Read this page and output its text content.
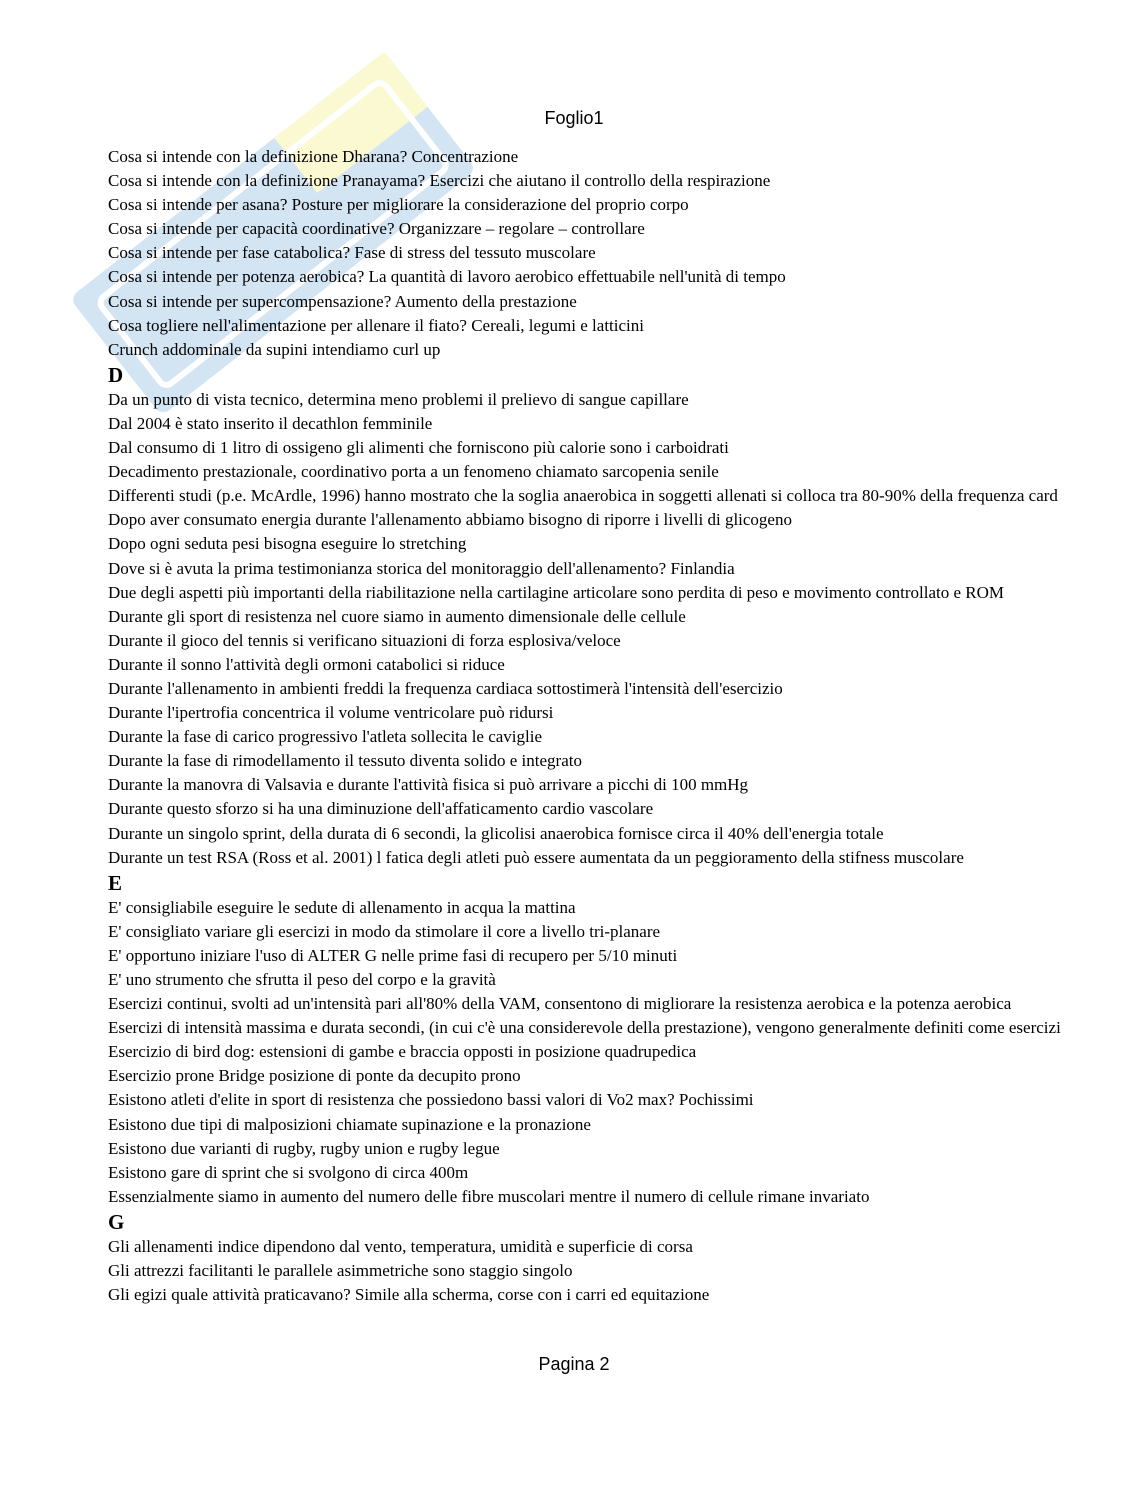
Foglio1
Cosa si intende con la definizione Dharana? Concentrazione
Cosa si intende con la definizione Pranayama? Esercizi che aiutano il controllo della respirazione
Cosa si intende per asana? Posture per migliorare la considerazione del proprio corpo
Cosa si intende per capacità coordinative? Organizzare – regolare – controllare
Cosa si intende per fase catabolica? Fase di stress del tessuto muscolare
Cosa si intende per potenza aerobica? La quantità di lavoro aerobico effettuabile nell'unità di tempo
Cosa si intende per supercompensazione? Aumento della prestazione
Cosa togliere nell'alimentazione per allenare il fiato? Cereali, legumi e latticini
Crunch addominale da supini intendiamo curl up
D
Da un punto di vista tecnico, determina meno problemi il prelievo di sangue capillare
Dal 2004 è stato inserito il decathlon femminile
Dal consumo di 1 litro di ossigeno gli alimenti che forniscono più calorie sono i carboidrati
Decadimento prestazionale, coordinativo porta a un fenomeno chiamato sarcopenia senile
Differenti studi (p.e. McArdle, 1996) hanno mostrato che la soglia anaerobica in soggetti allenati si colloca tra 80-90% della frequenza card
Dopo aver consumato energia durante l'allenamento abbiamo bisogno di riporre i livelli di glicogeno
Dopo ogni seduta pesi bisogna eseguire lo stretching
Dove si è avuta la prima testimonianza storica del monitoraggio dell'allenamento? Finlandia
Due degli aspetti più importanti della riabilitazione nella cartilagine articolare sono perdita di peso e movimento controllato e ROM
Durante gli sport di resistenza nel cuore siamo in aumento dimensionale delle cellule
Durante il gioco del tennis si verificano situazioni di forza esplosiva/veloce
Durante il sonno l'attività degli ormoni catabolici si riduce
Durante l'allenamento in ambienti freddi la frequenza cardiaca sottostimerà l'intensità dell'esercizio
Durante l'ipertrofia concentrica il volume ventricolare può ridursi
Durante la fase di carico progressivo l'atleta sollecita le caviglie
Durante la fase di rimodellamento il tessuto diventa solido e integrato
Durante la manovra di Valsavia e durante l'attività fisica si può arrivare a picchi di 100 mmHg
Durante questo sforzo si ha una diminuzione dell'affaticamento cardio vascolare
Durante un singolo sprint, della durata di 6 secondi, la glicolisi anaerobica fornisce circa il 40% dell'energia totale
Durante un test RSA (Ross et al. 2001) l fatica degli atleti può essere aumentata da un peggioramento della stifness muscolare
E
E' consigliabile eseguire le sedute di allenamento in acqua la mattina
E' consigliato variare gli esercizi in modo da stimolare il core a livello tri-planare
E' opportuno iniziare l'uso di ALTER G nelle prime fasi di recupero per 5/10 minuti
E' uno strumento che sfrutta il peso del corpo e la gravità
Esercizi continui, svolti ad un'intensità pari all'80% della VAM, consentono di migliorare la resistenza aerobica e la potenza aerobica
Esercizi di intensità massima e durata secondi, (in cui c'è una considerevole della prestazione), vengono generalmente definiti come esercizi
Esercizio di bird dog: estensioni di gambe e braccia opposti in posizione quadrupedica
Esercizio prone Bridge posizione di ponte da decupito prono
Esistono atleti d'elite in sport di resistenza che possiedono bassi valori di Vo2 max? Pochissimi
Esistono due tipi di malposizioni chiamate supinazione e la pronazione
Esistono due varianti di rugby, rugby union e rugby legue
Esistono gare di sprint che si svolgono di circa 400m
Essenzialmente siamo in aumento del numero delle fibre muscolari mentre il numero di cellule rimane invariato
G
Gli allenamenti indice dipendono dal vento, temperatura, umidità e superficie di corsa
Gli attrezzi facilitanti le parallele asimmetriche sono staggio singolo
Gli egizi quale attività praticavano? Simile alla scherma, corse con i carri ed equitazione
Pagina 2
